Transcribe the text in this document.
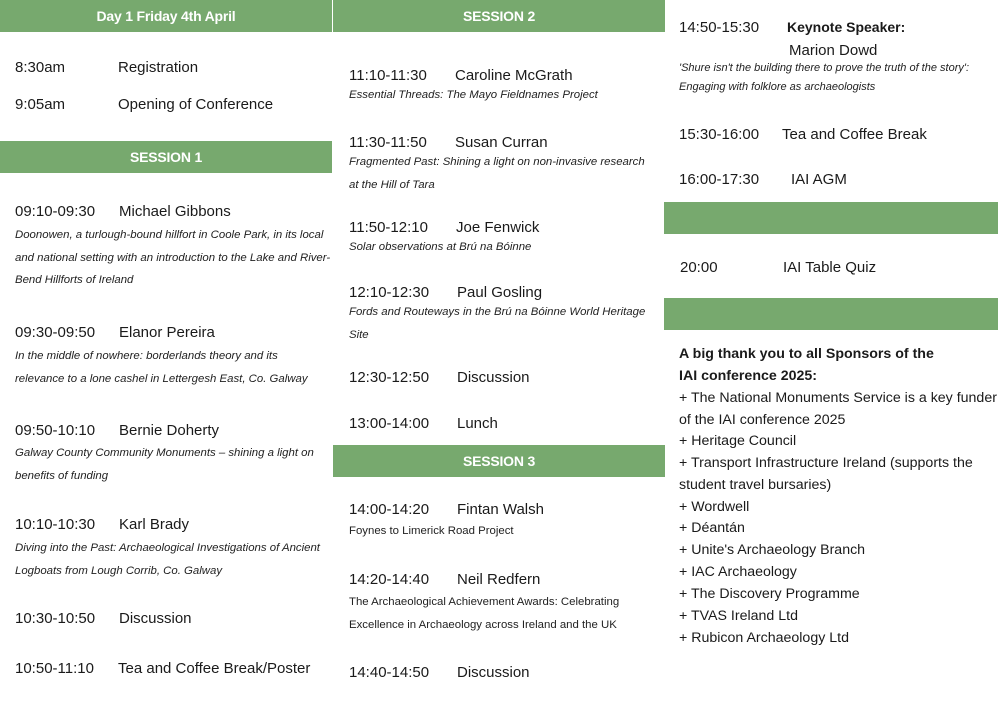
Day 1 Friday 4th April
8:30am	Registration
9:05am	Opening of Conference
SESSION 1
09:10-09:30 Michael Gibbons
Doonowen, a turlough-bound hillfort in Coole Park, in its local and national setting with an introduction to the Lake and River-Bend Hillforts of Ireland
09:30-09:50 Elanor Pereira
In the middle of nowhere: borderlands theory and its relevance to a lone cashel in Lettergesh East, Co. Galway
09:50-10:10 Bernie Doherty
Galway County Community Monuments – shining a light on benefits of funding
10:10-10:30 Karl Brady
Diving into the Past: Archaeological Investigations of Ancient Logboats from Lough Corrib, Co. Galway
10:30-10:50 Discussion
10:50-11:10 Tea and Coffee Break/Poster
SESSION 2
11:10-11:30 Caroline McGrath
Essential Threads: The Mayo Fieldnames Project
11:30-11:50 Susan Curran
Fragmented Past: Shining a light on non-invasive research at the Hill of Tara
11:50-12:10 Joe Fenwick
Solar observations at Brú na Bóinne
12:10-12:30 Paul Gosling
Fords and Routeways in the Brú na Bóinne World Heritage Site
12:30-12:50 Discussion
13:00-14:00 Lunch
SESSION 3
14:00-14:20 Fintan Walsh
Foynes to Limerick Road Project
14:20-14:40 Neil Redfern
The Archaeological Achievement Awards: Celebrating Excellence in Archaeology across Ireland and the UK
14:40-14:50 Discussion
14:50-15:30 Keynote Speaker:
Marion Dowd
'Shure isn't the building there to prove the truth of the story': Engaging with folklore as archaeologists
15:30-16:00 Tea and Coffee Break
16:00-17:30 IAI AGM
20:00	IAI Table Quiz
A big thank you to all Sponsors of the
IAI conference 2025:
+ The National Monuments Service is a key funder
of the IAI conference 2025
+ Heritage Council
+ Transport Infrastructure Ireland (supports the
student travel bursaries)
+ Wordwell
+ Déantán
+ Unite's Archaeology Branch
+ IAC Archaeology
+ The Discovery Programme
+ TVAS Ireland Ltd
+ Rubicon Archaeology Ltd
